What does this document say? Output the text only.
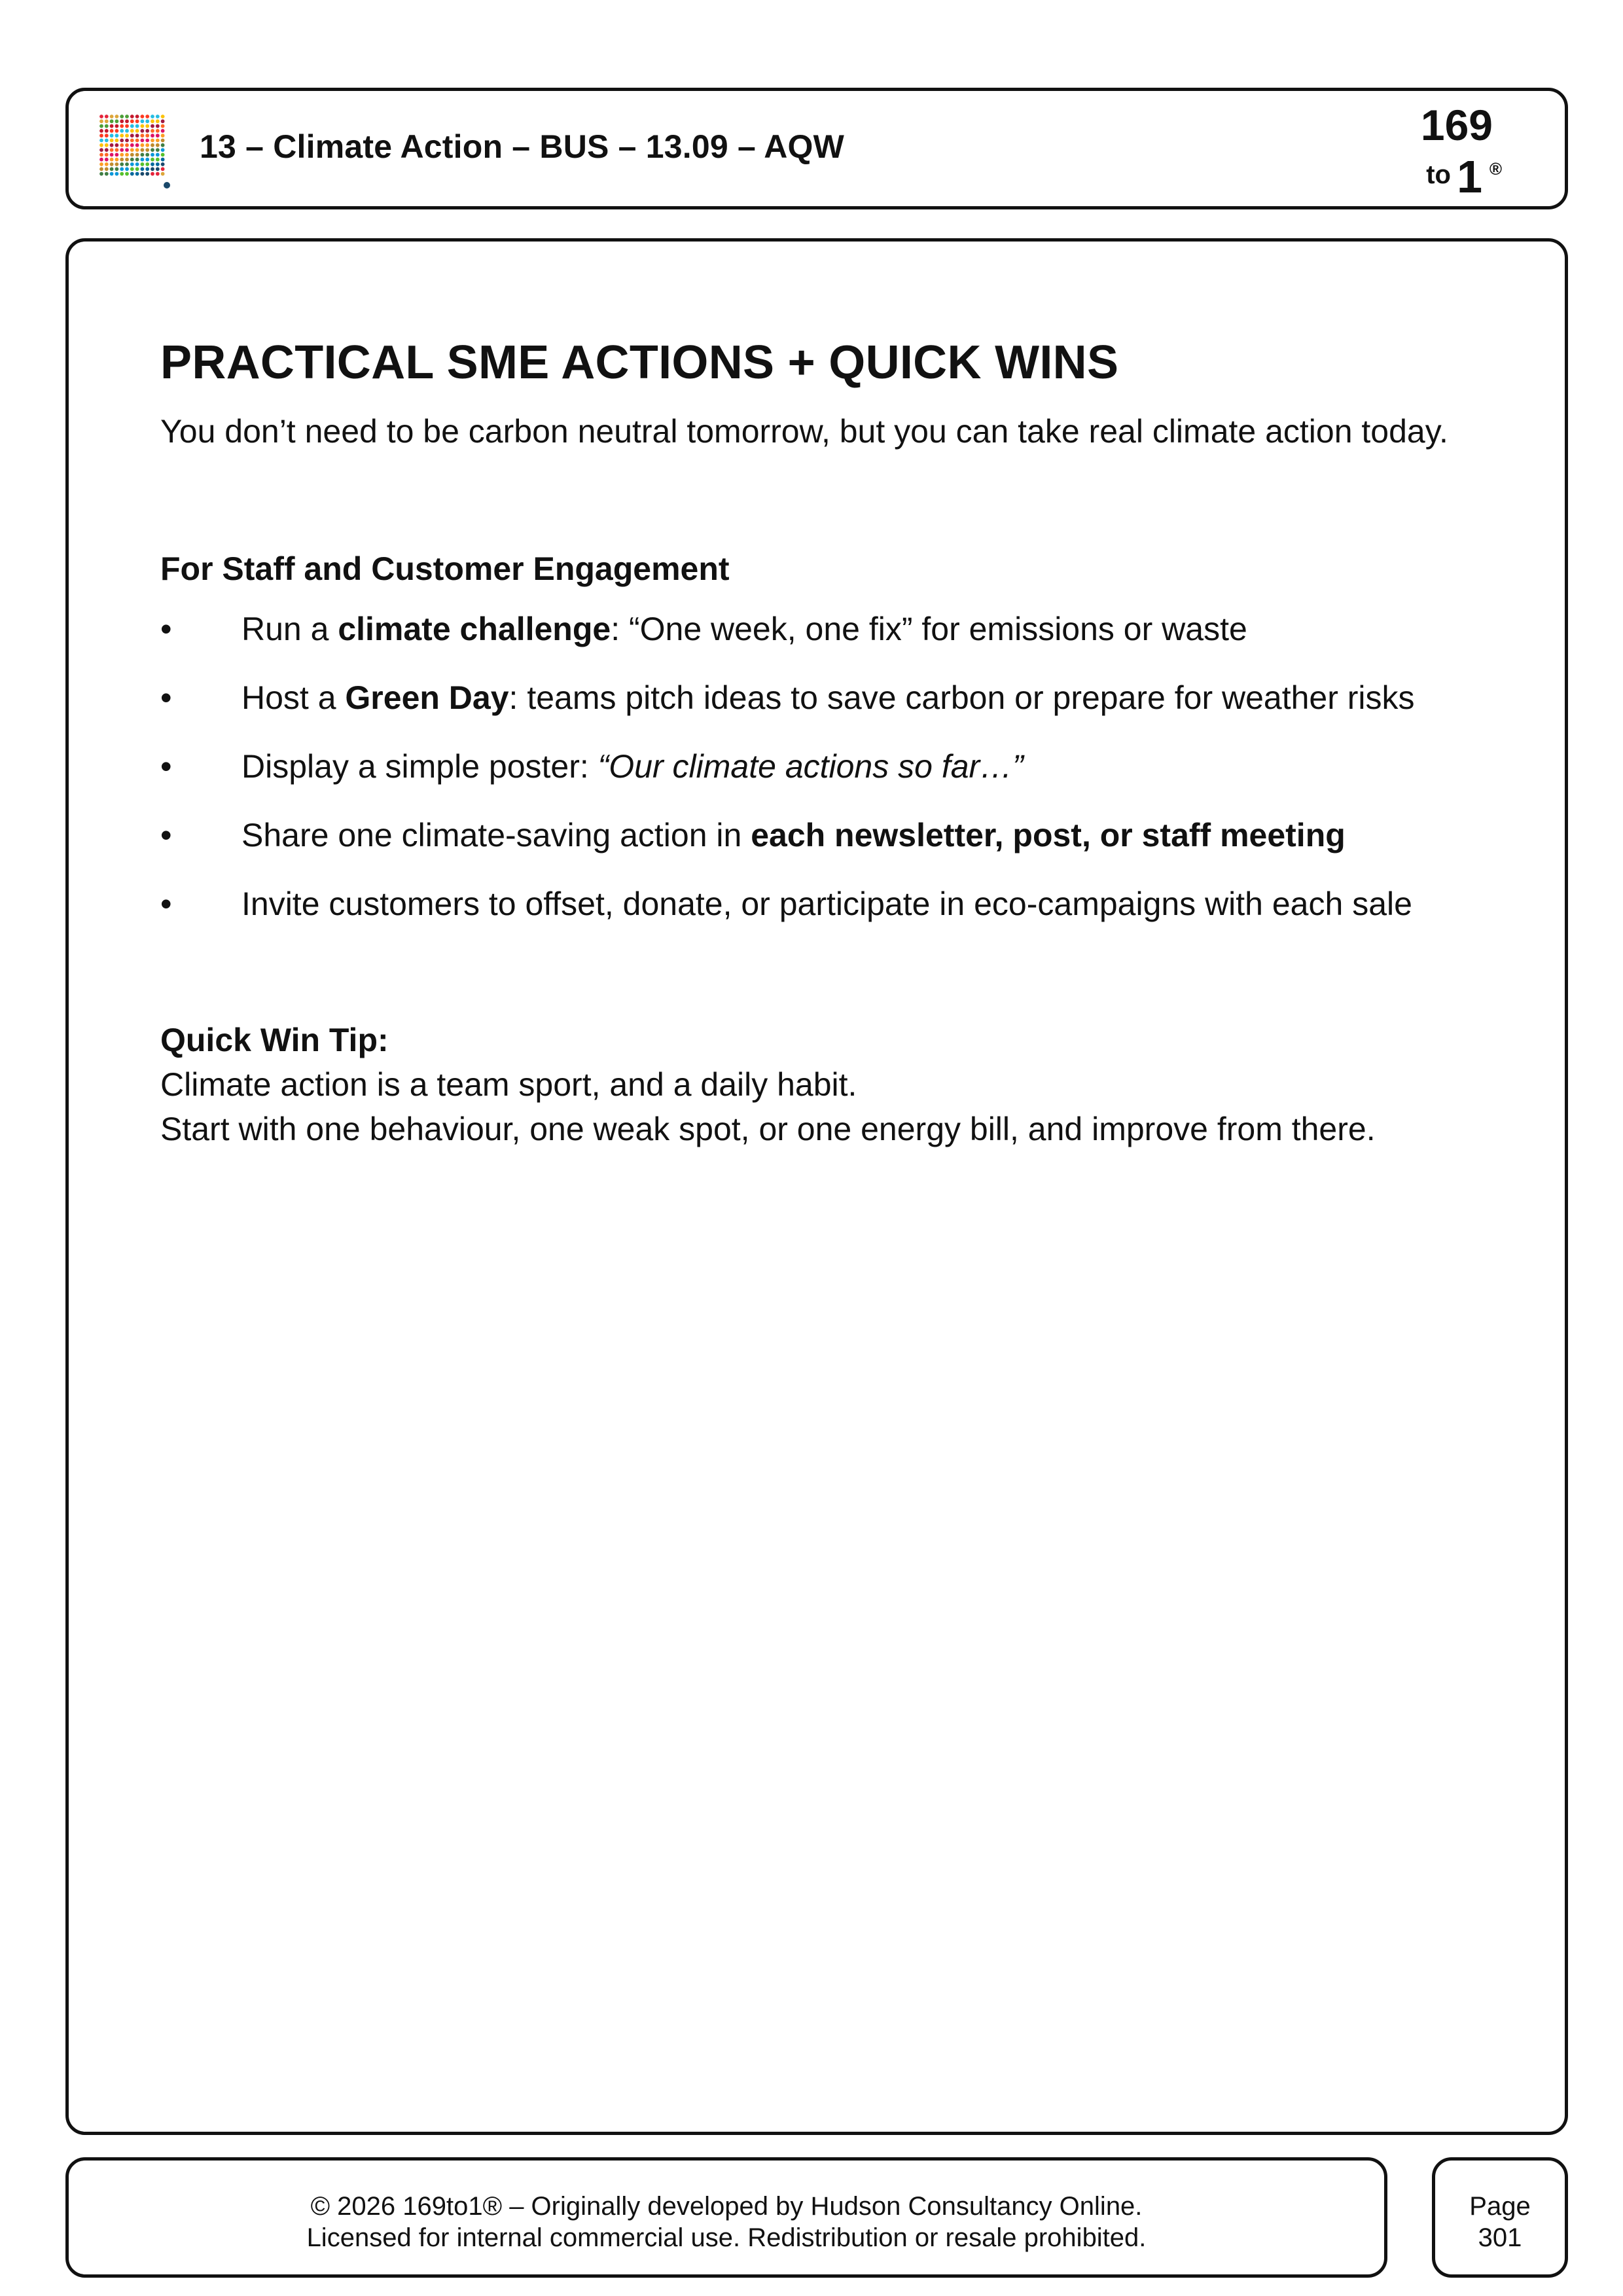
13 – Climate Action – BUS – 13.09 – AQW	169
to 1 ®
PRACTICAL SME ACTIONS + QUICK WINS

You don’t need to be carbon neutral tomorrow, but you can take real climate action today.

For Staff and Customer Engagement
• Run a climate challenge: “One week, one fix” for emissions or waste
• Host a Green Day: teams pitch ideas to save carbon or prepare for weather risks
• Display a simple poster: “Our climate actions so far…”
• Share one climate-saving action in each newsletter, post, or staff meeting
• Invite customers to offset, donate, or participate in eco-campaigns with each sale
Quick Win Tip:
Climate action is a team sport, and a daily habit.
Start with one behaviour, one weak spot, or one energy bill, and improve from there.
© 2026 169to1® – Originally developed by Hudson Consultancy Online.
Licensed for internal commercial use. Redistribution or resale prohibited.
Page
301
